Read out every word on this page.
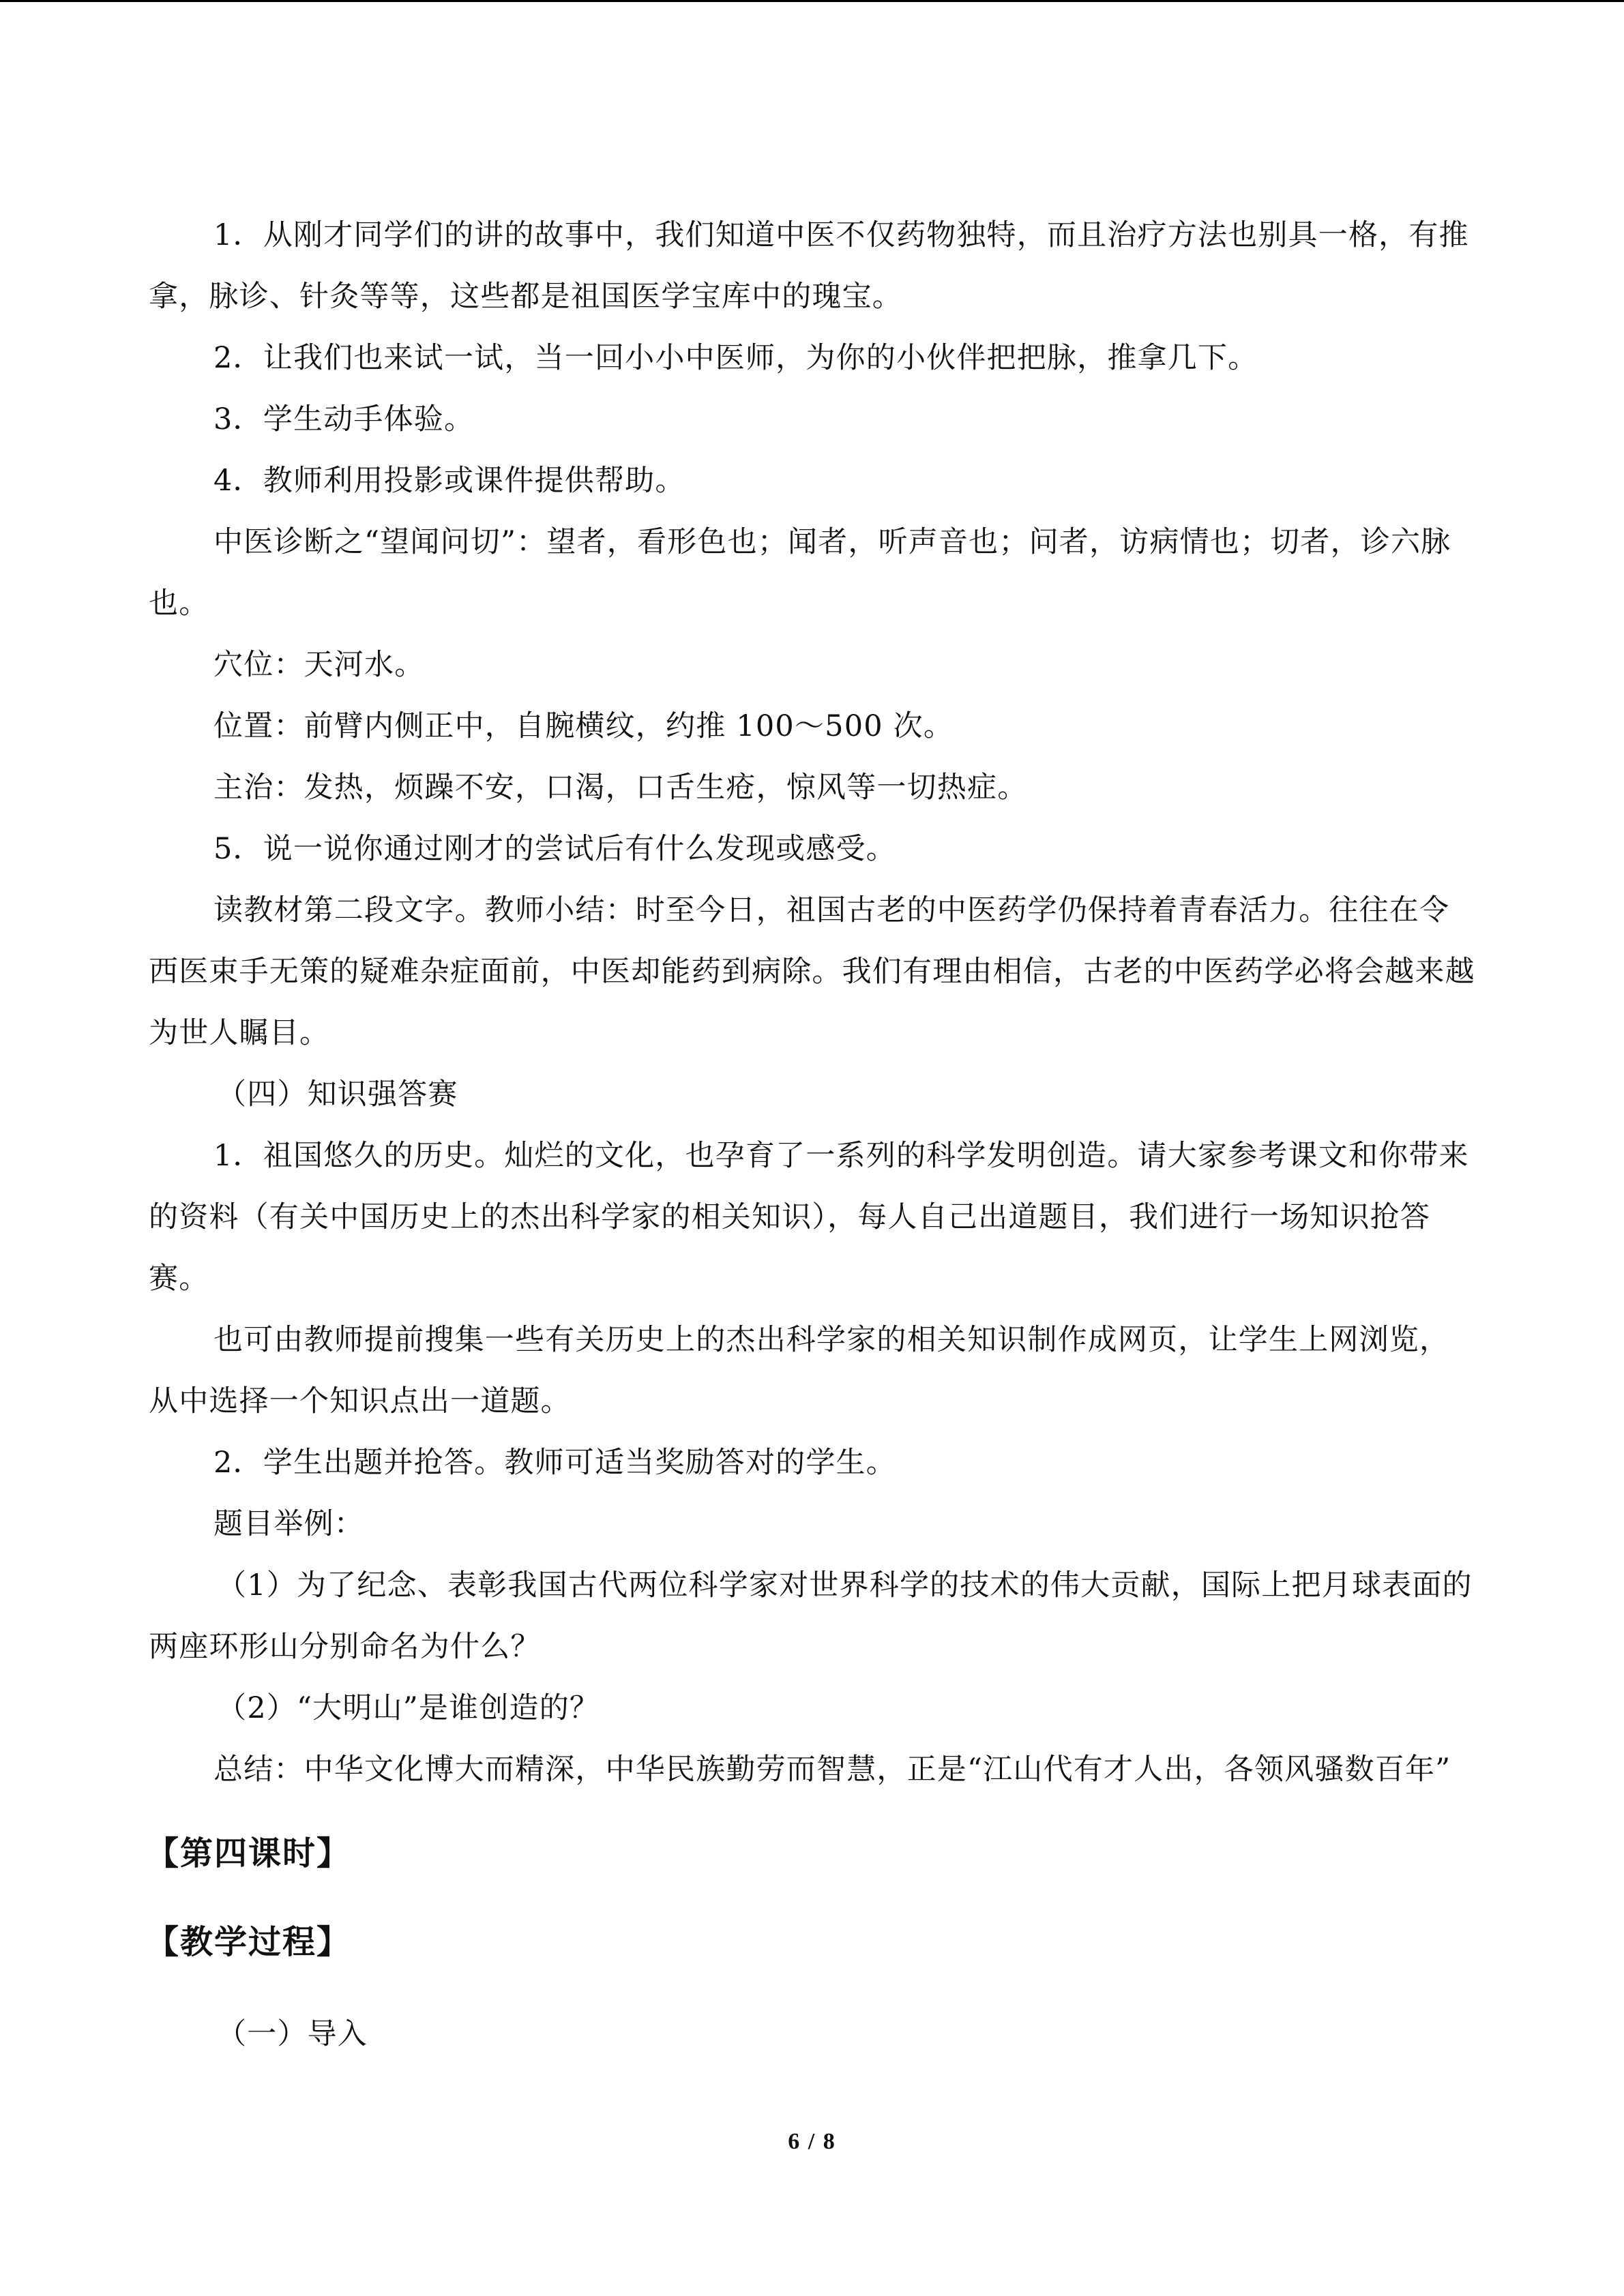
1．从刚才同学们的讲的故事中，我们知道中医不仅药物独特，而且治疗方法也别具一格，有推拿，脉诊、针灸等等，这些都是祖国医学宝库中的瑰宝。

2．让我们也来试一试，当一回小小中医师，为你的小伙伴把把脉，推拿几下。

3．学生动手体验。

4．教师利用投影或课件提供帮助。

中医诊断之“望闻问切”：望者，看形色也；闻者，听声音也；问者，访病情也；切者，诊六脉也。

穴位：天河水。

位置：前臂内侧正中，自腕横纹，约推 100～500 次。

主治：发热，烦躁不安，口渴，口舌生疮，惊风等一切热症。

5．说一说你通过刚才的尝试后有什么发现或感受。

读教材第二段文字。教师小结：时至今日，祖国古老的中医药学仍保持着青春活力。往往在令西医束手无策的疑难杂症面前，中医却能药到病除。我们有理由相信，古老的中医药学必将会越来越为世人瞩目。

（四）知识强答赛

1．祖国悠久的历史。灿烂的文化，也孕育了一系列的科学发明创造。请大家参考课文和你带来的资料（有关中国历史上的杰出科学家的相关知识），每人自己出道题目，我们进行一场知识抢答赛。

也可由教师提前搜集一些有关历史上的杰出科学家的相关知识制作成网页，让学生上网浏览，从中选择一个知识点出一道题。

2．学生出题并抢答。教师可适当奖励答对的学生。

题目举例：

（1）为了纪念、表彰我国古代两位科学家对世界科学的技术的伟大贡献，国际上把月球表面的两座环形山分别命名为什么？

（2）“大明山”是谁创造的？

总结：中华文化博大而精深，中华民族勤劳而智慧，正是“江山代有才人出，各领风骚数百年”

【第四课时】
【教学过程】

（一）导入

6 / 8
